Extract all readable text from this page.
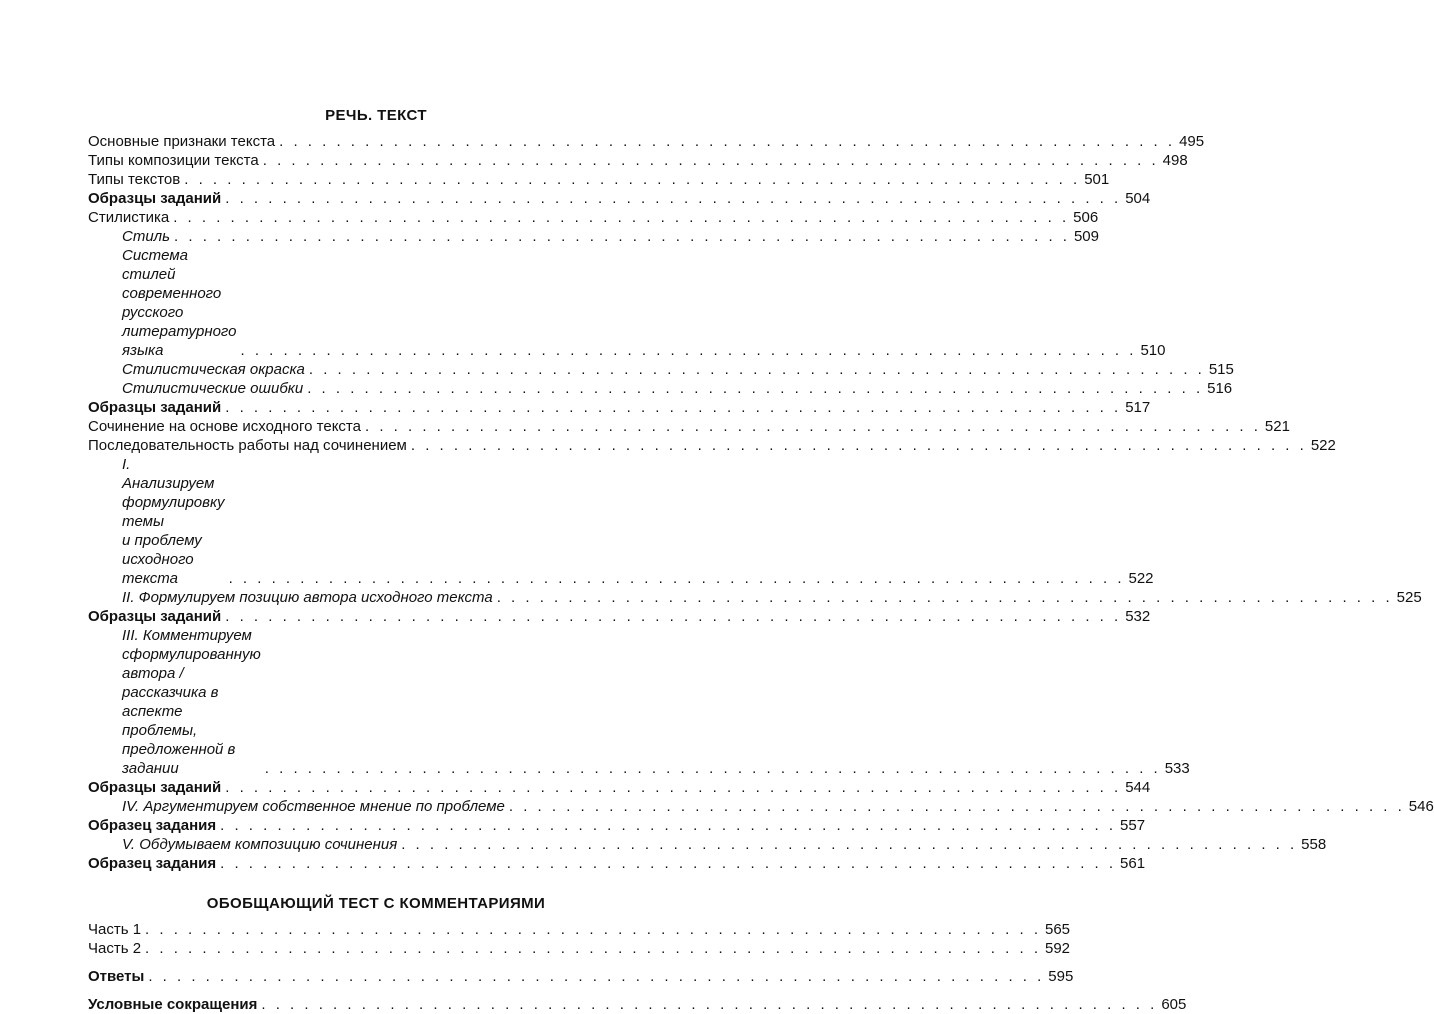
РЕЧЬ. ТЕКСТ
Основные признаки текста . . . . . . . . . . . . . . . . . . . . . . . . . . . . . . . . . . . . . . . . . . . . . . . . . . . . . . . . . . . . . . . 495
Типы композиции текста . . . . . . . . . . . . . . . . . . . . . . . . . . . . . . . . . . . . . . . . . . . . . . . . . . . . . . . . . . . . . . . 498
Типы текстов . . . . . . . . . . . . . . . . . . . . . . . . . . . . . . . . . . . . . . . . . . . . . . . . . . . . . . . . . . . . . . . 501
Образцы заданий . . . . . . . . . . . . . . . . . . . . . . . . . . . . . . . . . . . . . . . . . . . . . . . . . . . . . . . . . . . . . . . 504
Стилистика . . . . . . . . . . . . . . . . . . . . . . . . . . . . . . . . . . . . . . . . . . . . . . . . . . . . . . . . . . . . . . . 506
Стиль . . . . . . . . . . . . . . . . . . . . . . . . . . . . . . . . . . . . . . . . . . . . . . . . . . . . . . . . . . . . . . . 509
Система стилей современного
русского литературного языка	. . . . . . . . . . . . . . . . . . . . . . . . . . . . . . . . . . . . . . . . . . . . . . . . . . . . . . . . . . . . . . . 510
Стилистическая окраска . . . . . . . . . . . . . . . . . . . . . . . . . . . . . . . . . . . . . . . . . . . . . . . . . . . . . . . . . . . . . . . 515
Стилистические ошибки . . . . . . . . . . . . . . . . . . . . . . . . . . . . . . . . . . . . . . . . . . . . . . . . . . . . . . . . . . . . . . . 516
Образцы заданий . . . . . . . . . . . . . . . . . . . . . . . . . . . . . . . . . . . . . . . . . . . . . . . . . . . . . . . . . . . . . . . 517
Сочинение на основе исходного текста . . . . . . . . . . . . . . . . . . . . . . . . . . . . . . . . . . . . . . . . . . . . . . . . . . . . . . . . . . . . . . . 521
Последовательность работы над сочинением . . . . . . . . . . . . . . . . . . . . . . . . . . . . . . . . . . . . . . . . . . . . . . . . . . . . . . . . . . . . . . . 522
I. Анализируем формулировку темы
и проблему исходного текста	. . . . . . . . . . . . . . . . . . . . . . . . . . . . . . . . . . . . . . . . . . . . . . . . . . . . . . . . . . . . . . . 522
II. Формулируем позицию автора исходного текста . . . . . . . . . . . . . . . . . . . . . . . . . . . . . . . . . . . . . . . . . . . . . . . . . . . . . . . . . . . . . . . 525
Образцы заданий . . . . . . . . . . . . . . . . . . . . . . . . . . . . . . . . . . . . . . . . . . . . . . . . . . . . . . . . . . . . . . . 532
III. Комментируем сформулированную
автора / рассказчика в аспекте проблемы,
предложенной в задании	. . . . . . . . . . . . . . . . . . . . . . . . . . . . . . . . . . . . . . . . . . . . . . . . . . . . . . . . . . . . . . . 533
Образцы заданий . . . . . . . . . . . . . . . . . . . . . . . . . . . . . . . . . . . . . . . . . . . . . . . . . . . . . . . . . . . . . . . 544
IV. Аргументируем собственное мнение по проблеме . . . . . . . . . . . . . . . . . . . . . . . . . . . . . . . . . . . . . . . . . . . . . . . . . . . . . . . . . . . . . . . 546
Образец задания . . . . . . . . . . . . . . . . . . . . . . . . . . . . . . . . . . . . . . . . . . . . . . . . . . . . . . . . . . . . . . . 557
V. Обдумываем композицию сочинения . . . . . . . . . . . . . . . . . . . . . . . . . . . . . . . . . . . . . . . . . . . . . . . . . . . . . . . . . . . . . . . 558
Образец задания . . . . . . . . . . . . . . . . . . . . . . . . . . . . . . . . . . . . . . . . . . . . . . . . . . . . . . . . . . . . . . . 561
ОБОБЩАЮЩИЙ ТЕСТ С КОММЕНТАРИЯМИ
Часть 1 . . . . . . . . . . . . . . . . . . . . . . . . . . . . . . . . . . . . . . . . . . . . . . . . . . . . . . . . . . . . . . . 565
Часть 2 . . . . . . . . . . . . . . . . . . . . . . . . . . . . . . . . . . . . . . . . . . . . . . . . . . . . . . . . . . . . . . . 592
Ответы . . . . . . . . . . . . . . . . . . . . . . . . . . . . . . . . . . . . . . . . . . . . . . . . . . . . . . . . . . . . . . . 595
Условные сокращения . . . . . . . . . . . . . . . . . . . . . . . . . . . . . . . . . . . . . . . . . . . . . . . . . . . . . . . . . . . . . . . 605
